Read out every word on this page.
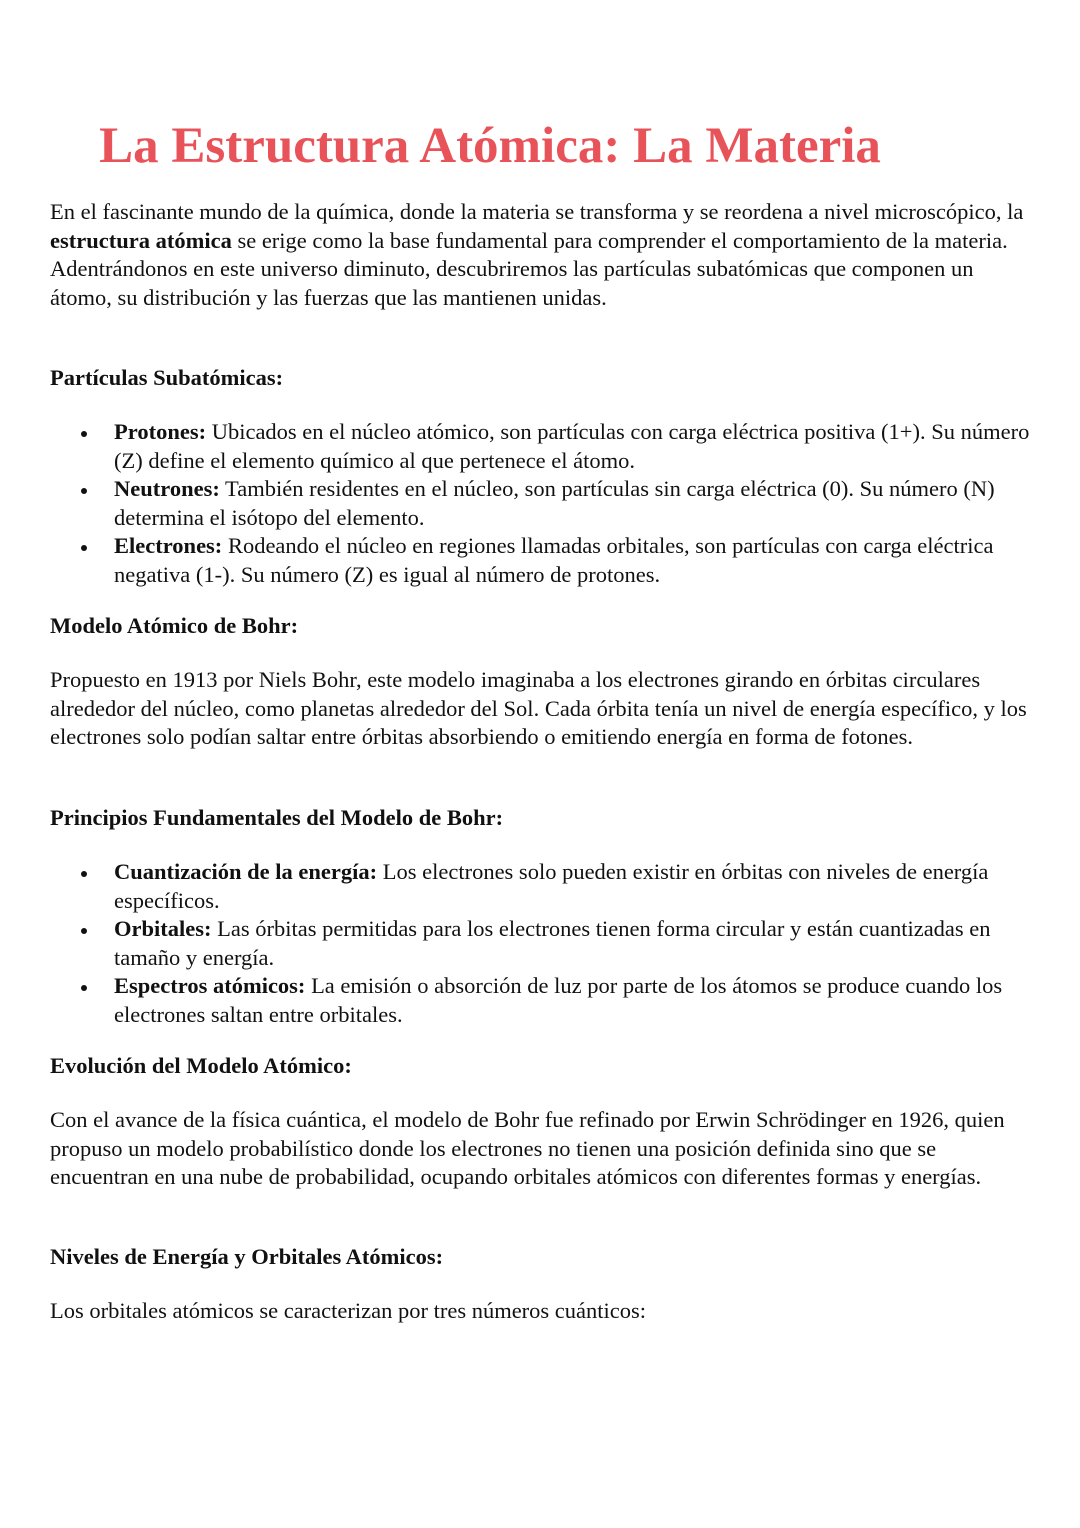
La Estructura Atómica: La Materia

En el fascinante mundo de la química, donde la materia se transforma y se reordena a nivel microscópico, la estructura atómica se erige como la base fundamental para comprender el comportamiento de la materia. Adentrándonos en este universo diminuto, descubriremos las partículas subatómicas que componen un átomo, su distribución y las fuerzas que las mantienen unidas.

Partículas Subatómicas:
Protones: Ubicados en el núcleo atómico, son partículas con carga eléctrica positiva (1+). Su número (Z) define el elemento químico al que pertenece el átomo.
Neutrones: También residentes en el núcleo, son partículas sin carga eléctrica (0). Su número (N) determina el isótopo del elemento.
Electrones: Rodeando el núcleo en regiones llamadas orbitales, son partículas con carga eléctrica negativa (1-). Su número (Z) es igual al número de protones.
Modelo Atómico de Bohr:

Propuesto en 1913 por Niels Bohr, este modelo imaginaba a los electrones girando en órbitas circulares alrededor del núcleo, como planetas alrededor del Sol. Cada órbita tenía un nivel de energía específico, y los electrones solo podían saltar entre órbitas absorbiendo o emitiendo energía en forma de fotones.

Principios Fundamentales del Modelo de Bohr:
Cuantización de la energía: Los electrones solo pueden existir en órbitas con niveles de energía específicos.
Orbitales: Las órbitas permitidas para los electrones tienen forma circular y están cuantizadas en tamaño y energía.
Espectros atómicos: La emisión o absorción de luz por parte de los átomos se produce cuando los electrones saltan entre orbitales.
Evolución del Modelo Atómico:

Con el avance de la física cuántica, el modelo de Bohr fue refinado por Erwin Schrödinger en 1926, quien propuso un modelo probabilístico donde los electrones no tienen una posición definida sino que se encuentran en una nube de probabilidad, ocupando orbitales atómicos con diferentes formas y energías.

Niveles de Energía y Orbitales Atómicos:

Los orbitales atómicos se caracterizan por tres números cuánticos:
